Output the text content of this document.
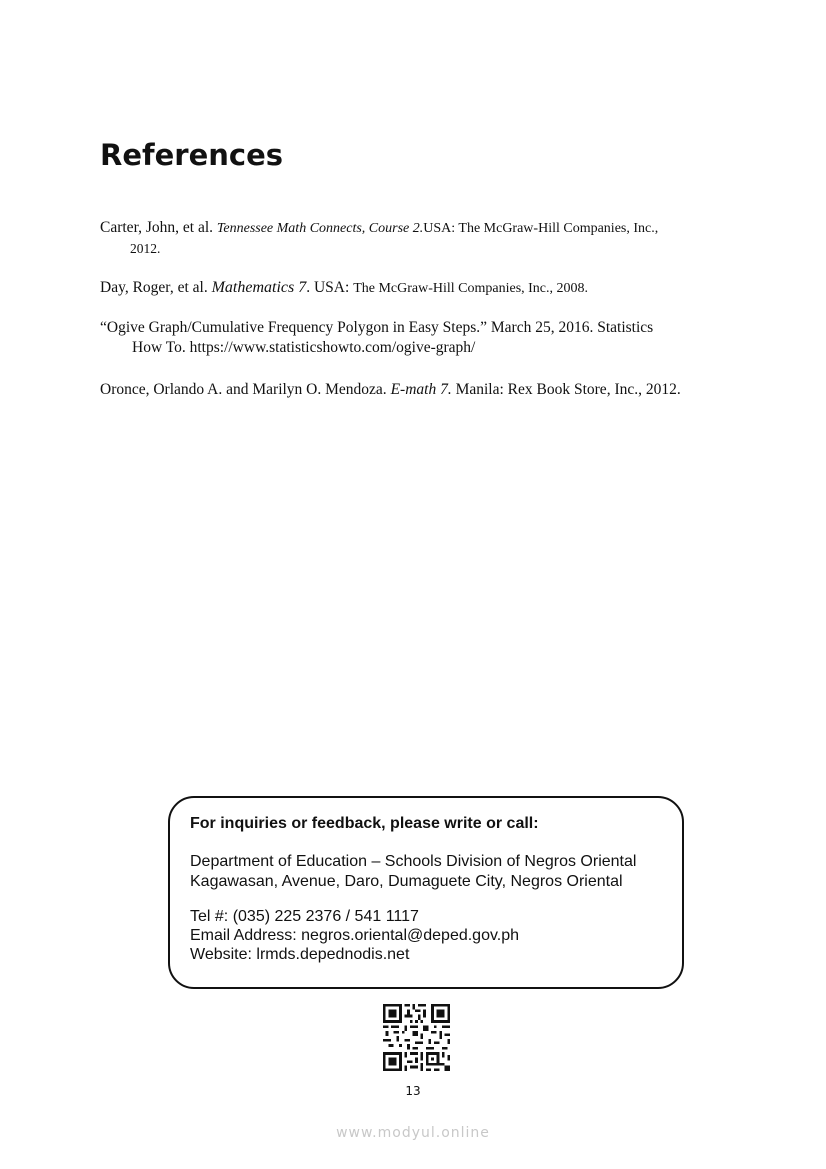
References

Carter, John, et al. Tennessee Math Connects, Course 2.USA: The McGraw-Hill Companies, Inc.,
2012.

Day, Roger, et al. Mathematics 7. USA: The McGraw-Hill Companies, Inc., 2008.

“Ogive Graph/Cumulative Frequency Polygon in Easy Steps.” March 25, 2016. Statistics
How To. https://www.statisticshowto.com/ogive-graph/

Oronce, Orlando A. and Marilyn O. Mendoza. E-math 7. Manila: Rex Book Store, Inc., 2012.

For inquiries or feedback, please write or call:

Department of Education – Schools Division of Negros Oriental

Kagawasan, Avenue, Daro, Dumaguete City, Negros Oriental

Tel #: (035) 225 2376 / 541 1117

Email Address: negros.oriental@deped.gov.ph

Website: lrmds.depednodis.net

13
www.modyul.online
